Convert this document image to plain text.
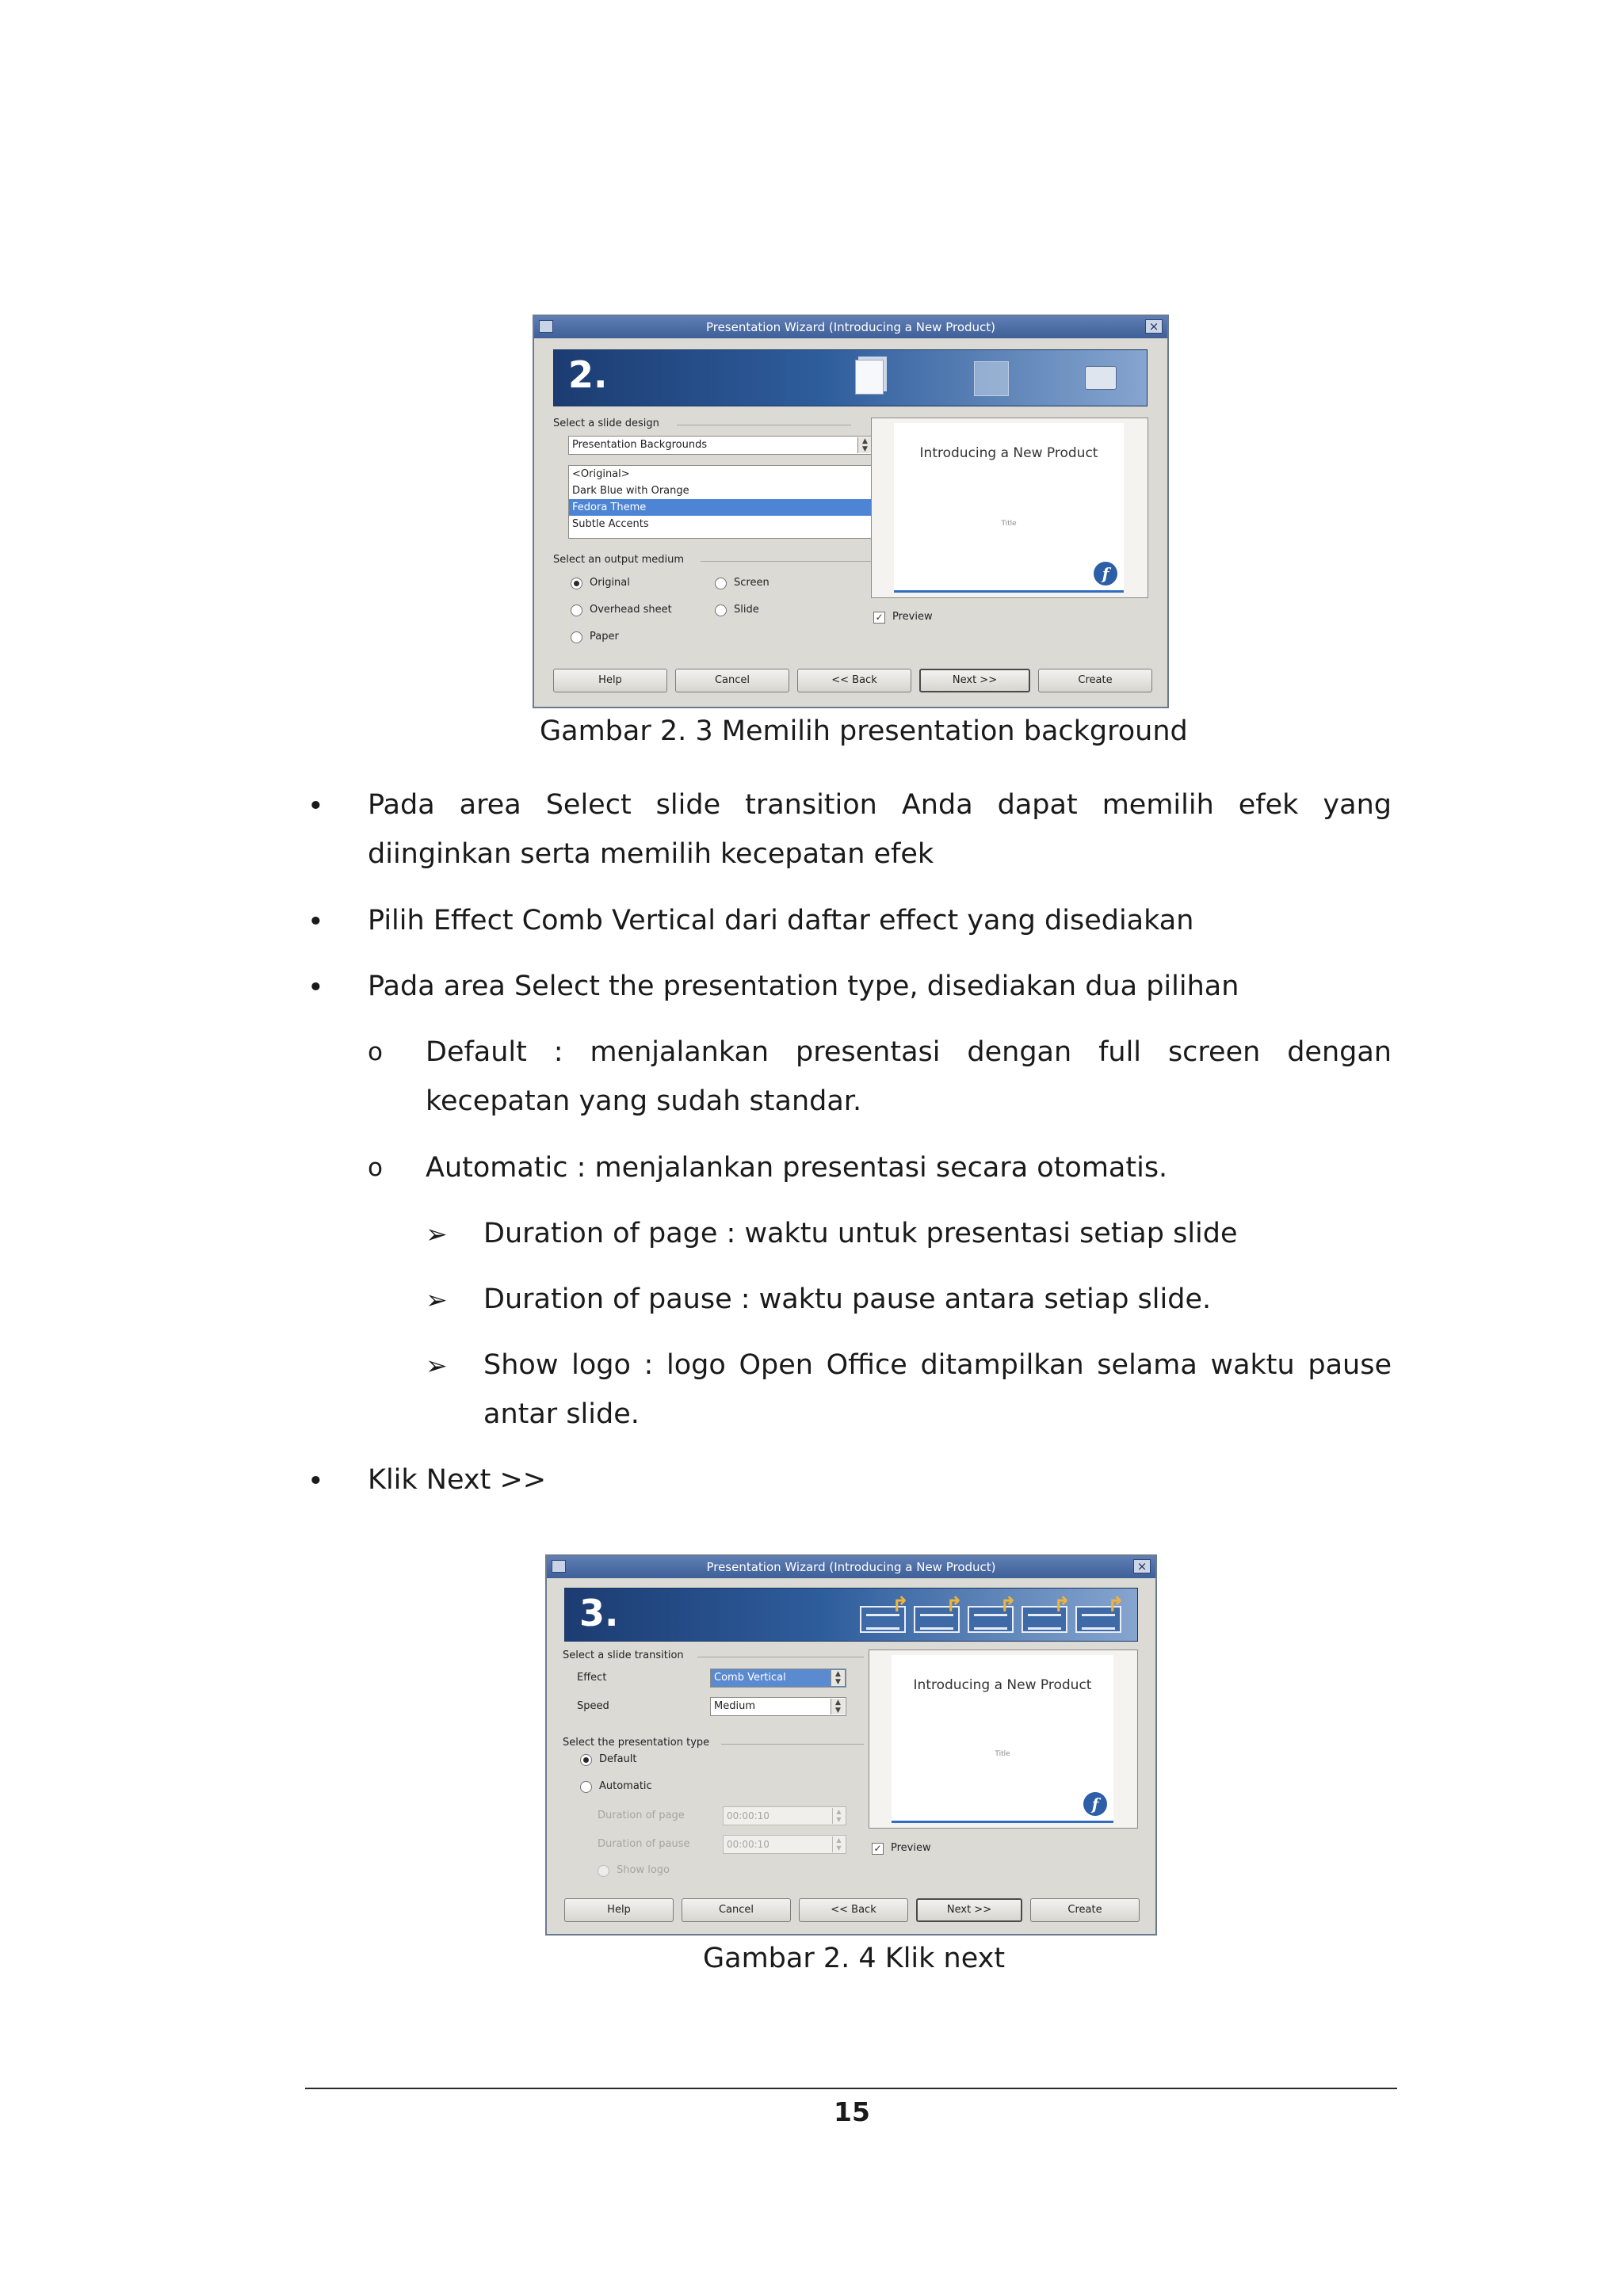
Presentation Wizard (Introducing a New Product)	×
2.
Select a slide design
Presentation Backgrounds	▲
▼
<Original>
Dark Blue with Orange
Fedora Theme
Subtle Accents
Select an output medium
Original	Screen
Overhead sheet	Slide
Paper
Introducing a New Product
Title
f
✓ Preview
Help	Cancel	<< Back	Next >>	Create
Gambar 2. 3 Memilih presentation background
• Pada area Select slide transition Anda dapat memilih efek yang diinginkan serta memilih kecepatan efek
• Pilih Effect Comb Vertical dari daftar effect yang disediakan
• Pada area Select the presentation type, disediakan dua pilihan
o Default : menjalankan presentasi dengan full screen dengan
kecepatan yang sudah standar.
o Automatic : menjalankan presentasi secara otomatis.
➢ Duration of page : waktu untuk presentasi setiap slide
➢ Duration of pause : waktu pause antara setiap slide.
➢ Show logo : logo Open Office ditampilkan selama waktu pause
antar slide.
• Klik Next >>
Presentation Wizard (Introducing a New Product)	×
3.	↱ ↱ ↱ ↱ ↱
Select a slide transition
Effect	Comb Vertical	▲
▼
Speed	Medium	▲
▼
Select the presentation type
Default
Automatic
Duration of page	00:00:10	▲
▼
Duration of pause	00:00:10	▲
▼
Show logo
Introducing a New Product
Title
f
✓ Preview
Help	Cancel	<< Back	Next >>	Create
Gambar 2. 4 Klik next
15
